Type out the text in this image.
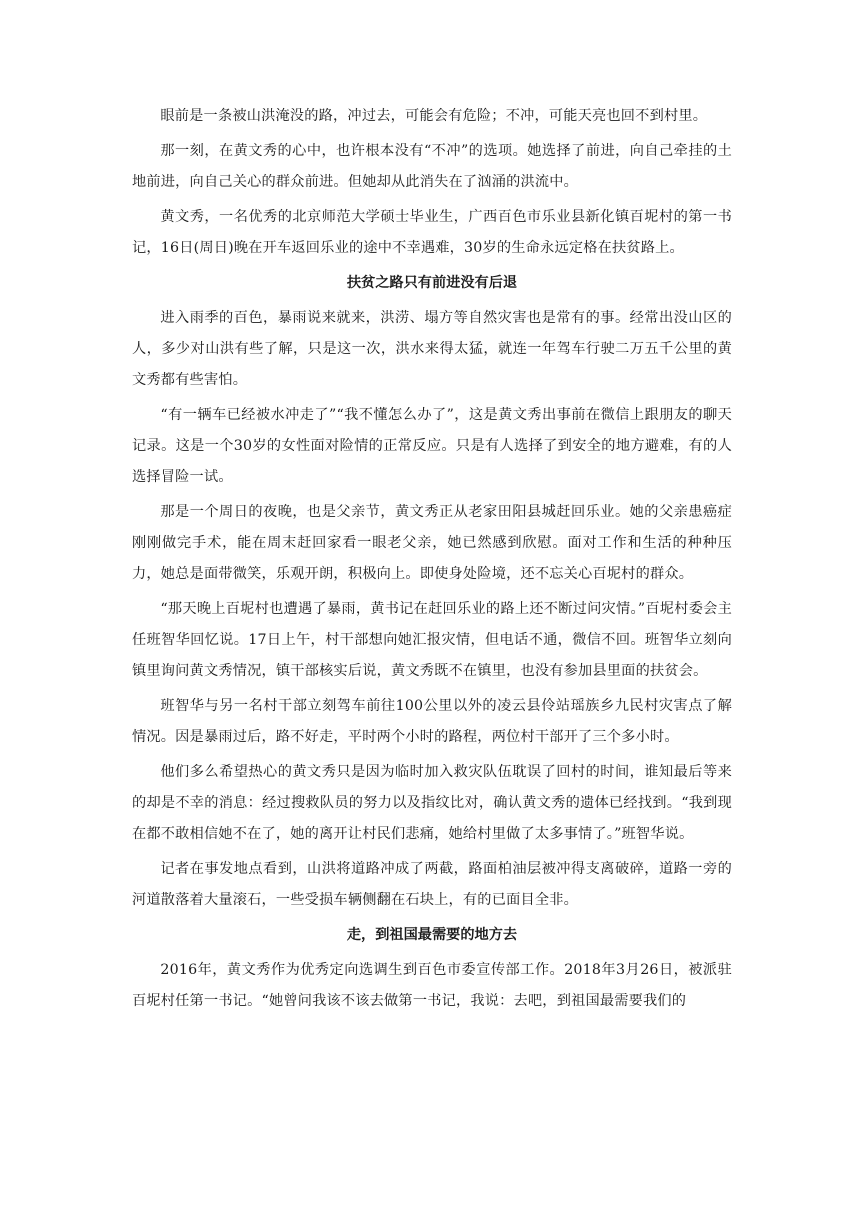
眼前是一条被山洪淹没的路，冲过去，可能会有危险；不冲，可能天亮也回不到村里。

那一刻，在黄文秀的心中，也许根本没有“不冲”的选项。她选择了前进，向自己牵挂的土地前进，向自己关心的群众前进。但她却从此消失在了汹涌的洪流中。

黄文秀，一名优秀的北京师范大学硕士毕业生，广西百色市乐业县新化镇百坭村的第一书记，16日(周日)晚在开车返回乐业的途中不幸遇难，30岁的生命永远定格在扶贫路上。

扶贫之路只有前进没有后退

进入雨季的百色，暴雨说来就来，洪涝、塌方等自然灾害也是常有的事。经常出没山区的人，多少对山洪有些了解，只是这一次，洪水来得太猛，就连一年驾车行驶二万五千公里的黄文秀都有些害怕。

“有一辆车已经被水冲走了”“我不懂怎么办了”，这是黄文秀出事前在微信上跟朋友的聊天记录。这是一个30岁的女性面对险情的正常反应。只是有人选择了到安全的地方避难，有的人选择冒险一试。

那是一个周日的夜晚，也是父亲节，黄文秀正从老家田阳县城赶回乐业。她的父亲患癌症刚刚做完手术，能在周末赶回家看一眼老父亲，她已然感到欣慰。面对工作和生活的种种压力，她总是面带微笑，乐观开朗，积极向上。即使身处险境，还不忘关心百坭村的群众。

“那天晚上百坭村也遭遇了暴雨，黄书记在赶回乐业的路上还不断过问灾情。”百坭村委会主任班智华回忆说。17日上午，村干部想向她汇报灾情，但电话不通，微信不回。班智华立刻向镇里询问黄文秀情况，镇干部核实后说，黄文秀既不在镇里，也没有参加县里面的扶贫会。

班智华与另一名村干部立刻驾车前往100公里以外的凌云县伶站瑶族乡九民村灾害点了解情况。因是暴雨过后，路不好走，平时两个小时的路程，两位村干部开了三个多小时。

他们多么希望热心的黄文秀只是因为临时加入救灾队伍耽误了回村的时间，谁知最后等来的却是不幸的消息：经过搜救队员的努力以及指纹比对，确认黄文秀的遗体已经找到。“我到现在都不敢相信她不在了，她的离开让村民们悲痛，她给村里做了太多事情了。”班智华说。

记者在事发地点看到，山洪将道路冲成了两截，路面柏油层被冲得支离破碎，道路一旁的河道散落着大量滚石，一些受损车辆侧翻在石块上，有的已面目全非。

走，到祖国最需要的地方去

2016年，黄文秀作为优秀定向选调生到百色市委宣传部工作。2018年3月26日，被派驻百坭村任第一书记。“她曾问我该不该去做第一书记，我说：去吧，到祖国最需要我们的
